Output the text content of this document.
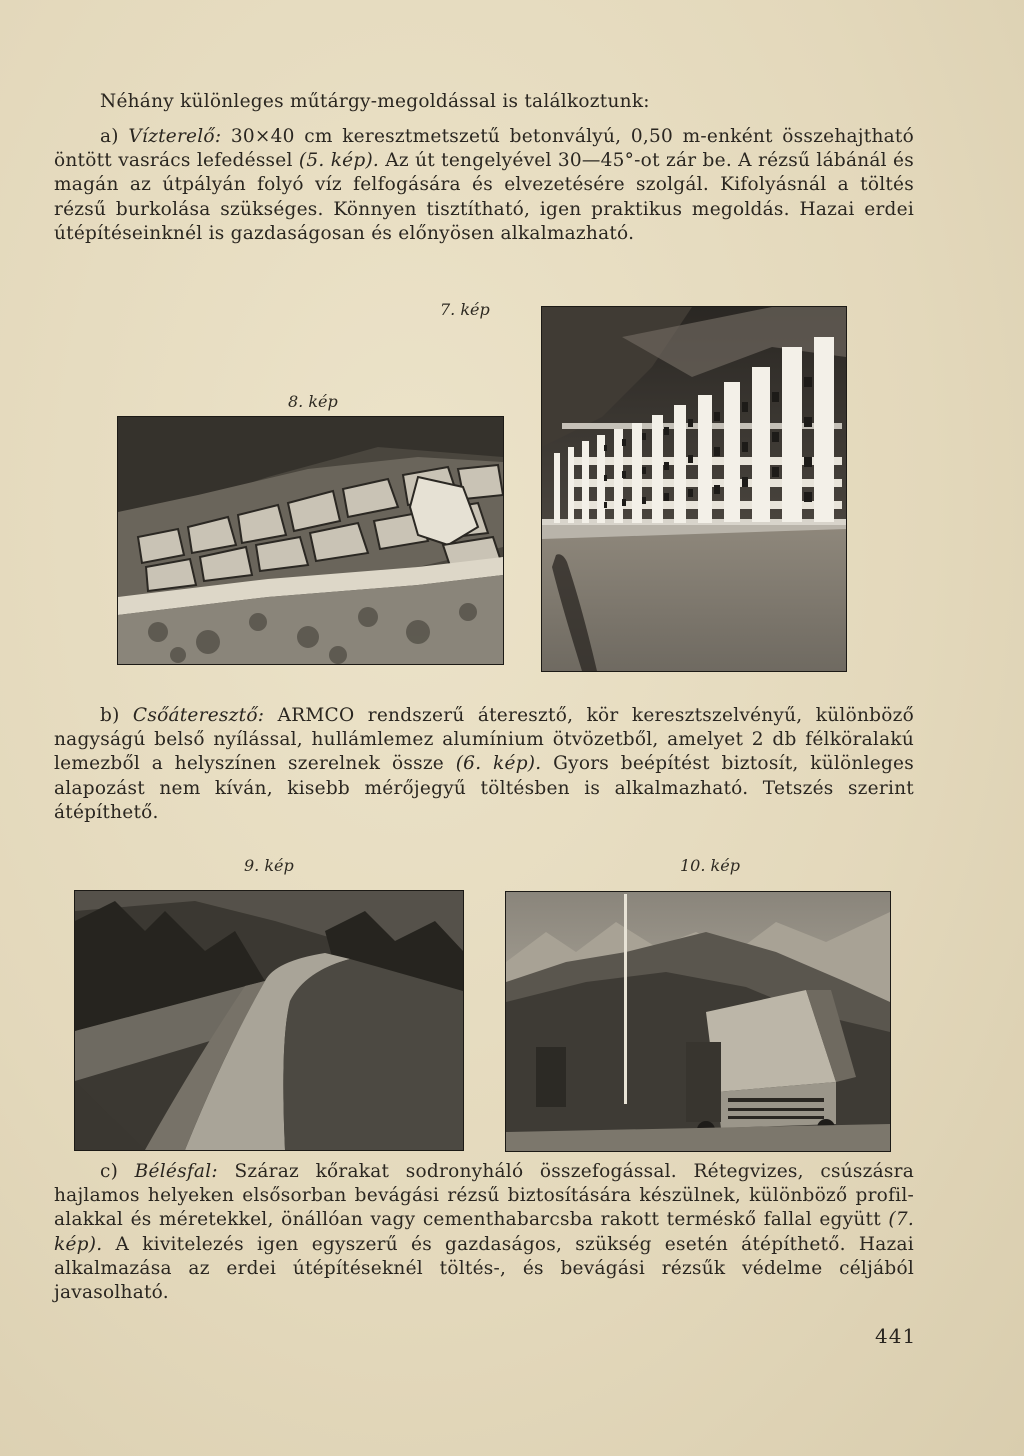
Néhány különleges műtárgy-megoldással is találkoztunk:

a) Vízterelő: 30×40 cm keresztmetszetű betonvályú, 0,50 m-enként összehajtható öntött vasrács lefedéssel (5. kép). Az út tengelyével 30—45°-ot zár be. A rézsű lábánál és magán az útpályán folyó víz felfogására és elvezetésére szolgál. Kifolyásnál a töltés rézsű burkolása szükséges. Könnyen tisztítható, igen praktikus megoldás. Hazai erdei útépítéseinknél is gazdaságosan és előnyösen alkalmazható.

7. kép
8. kép

b) Csőáteresztő: ARMCO rendszerű áteresztő, kör keresztszelvényű, különböző nagyságú belső nyílással, hullámlemez alumínium ötvözetből, amelyet 2 db félköralakú lemezből a helyszínen szerelnek össze (6. kép). Gyors beépítést biztosít, különleges alapozást nem kíván, kisebb mérőjegyű töltésben is alkalmazható. Tetszés szerint átépíthető.

9. kép	10. kép

c) Bélésfal: Száraz kőrakat sodronyháló összefogással. Rétegvizes, csúszásra hajlamos helyeken elsősorban bevágási rézsű biztosítására készülnek, különböző profil-alakkal és méretekkel, önállóan vagy cementhabarcsba rakott terméskő fallal együtt (7. kép). A kivitelezés igen egyszerű és gazdaságos, szükség esetén átépíthető. Hazai alkalmazása az erdei útépítéseknél töltés-, és bevágási rézsűk védelme céljából javasolható.

441
